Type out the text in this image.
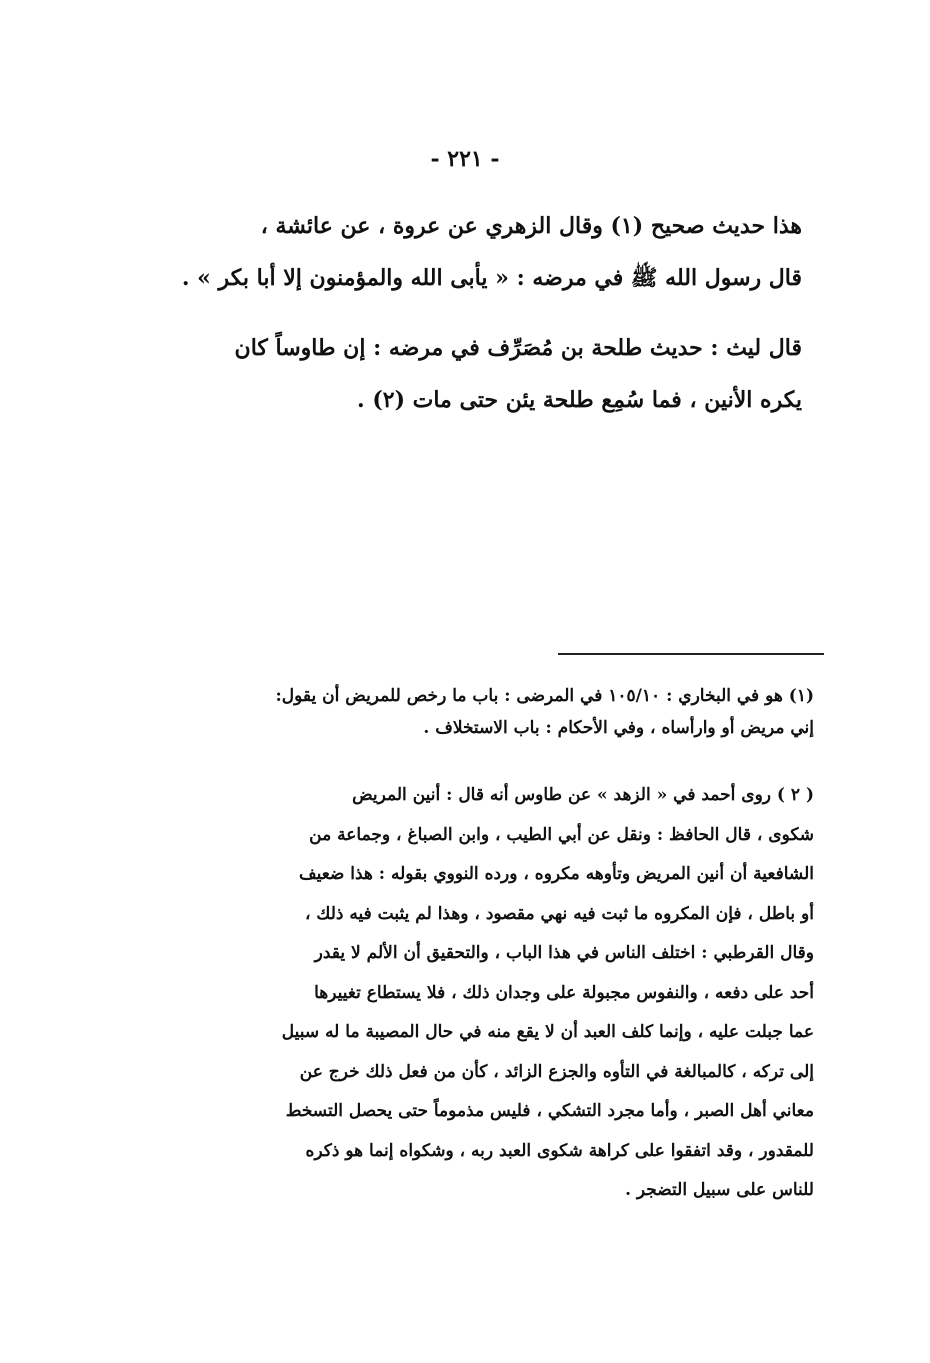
- ٢٢١ -
هذا حديث صحيح (١) وقال الزهري عن عروة ، عن عائشة ،
قال رسول الله ﷺ في مرضه : « يأبى الله والمؤمنون إلا أبا بكر » .
قال ليث : حديث طلحة بن مُصَرِّف في مرضه : إن طاوساً كان
يكره الأنين ، فما سُمِع طلحة يئن حتى مات (٢) .
(١) هو في البخاري : ١٠٥/١٠ في المرضى : باب ما رخص للمريض أن يقول:
إني مريض أو وارأساه ، وفي الأحكام : باب الاستخلاف .
( ٢ ) روى أحمد في « الزهد » عن طاوس أنه قال : أنين المريض
شكوى ، قال الحافظ : ونقل عن أبي الطيب ، وابن الصباغ ، وجماعة من
الشافعية أن أنين المريض وتأوهه مكروه ، ورده النووي بقوله : هذا ضعيف
أو باطل ، فإن المكروه ما ثبت فيه نهي مقصود ، وهذا لم يثبت فيه ذلك ،
وقال القرطبي : اختلف الناس في هذا الباب ، والتحقيق أن الألم لا يقدر
أحد على دفعه ، والنفوس مجبولة على وجدان ذلك ، فلا يستطاع تغييرها
عما جبلت عليه ، وإنما كلف العبد أن لا يقع منه في حال المصيبة ما له سبيل
إلى تركه ، كالمبالغة في التأوه والجزع الزائد ، كأن من فعل ذلك خرج عن
معاني أهل الصبر ، وأما مجرد التشكي ، فليس مذموماً حتى يحصل التسخط
للمقدور ، وقد اتفقوا على كراهة شكوى العبد ربه ، وشكواه إنما هو ذكره
للناس على سبيل التضجر .
